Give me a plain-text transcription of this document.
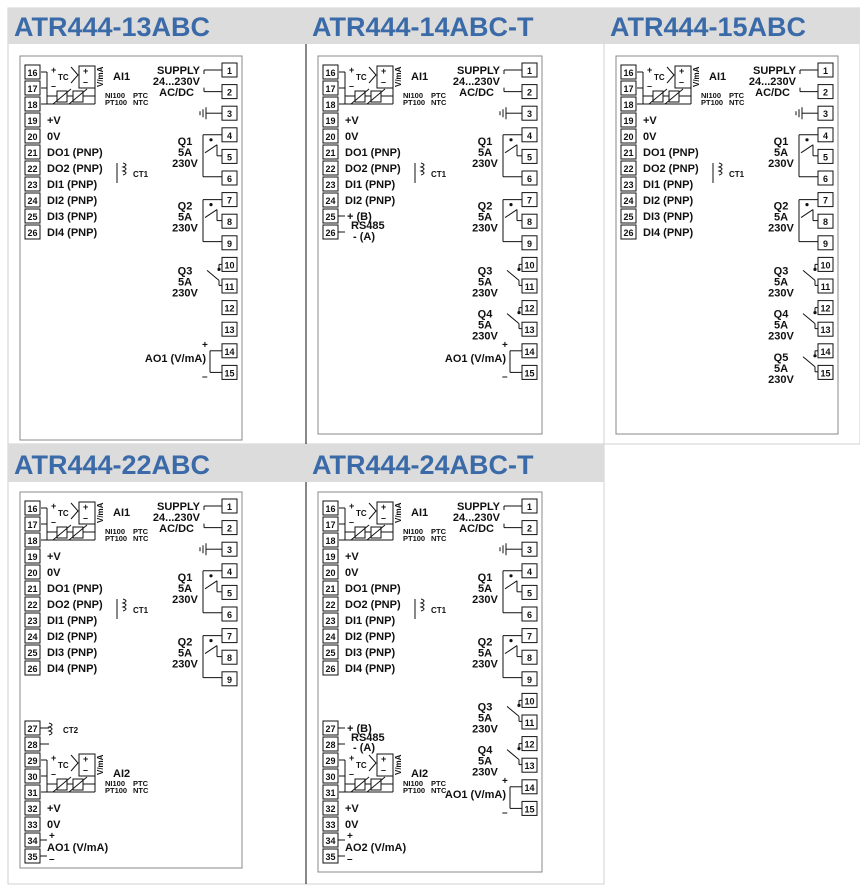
ATR444-13ABC
16
17
18
19
20
21
22
23
24
25
26
+
TC
–
+
– V/mA AI1
NI100
PT100
PTC
NTC
+V
0V
DO1 (PNP)
DO2 (PNP)
DI1 (PNP)
DI2 (PNP)
DI3 (PNP)
DI4 (PNP)
CT1
SUPPLY
24...230V
AC/DC
1
2
3
4
5
6
7
8
9
10
11
12
13
14
15
Q1
5A
230V
Q2
5A
230V
Q3
5A
230V
+
–
AO1 (V/mA)
ATR444-14ABC-T
16
17
18
19
20
21
22
23
24
25
26
+
TC
–
+
– V/mA AI1
NI100
PT100
PTC
NTC
+V
0V
DO1 (PNP)
DO2 (PNP)
DI1 (PNP)
DI2 (PNP)
+ (B)
RS485
- (A)
CT1
SUPPLY
24...230V
AC/DC
1
2
3
4
5
6
7
8
9
10
11
12
13
14
15
Q1
5A
230V
Q2
5A
230V
Q3
5A
230V
Q4
5A
230V
+
–
AO1 (V/mA)
ATR444-15ABC
16
17
18
19
20
21
22
23
24
25
26
+
TC
–
+
– V/mA AI1
NI100
PT100
PTC
NTC
+V
0V
DO1 (PNP)
DO2 (PNP)
DI1 (PNP)
DI2 (PNP)
DI3 (PNP)
DI4 (PNP)
CT1
SUPPLY
24...230V
AC/DC
1
2
3
4
5
6
7
8
9
10
11
12
13
14
15
Q1
5A
230V
Q2
5A
230V
Q3
5A
230V
Q4
5A
230V
Q5
5A
230V
ATR444-22ABC
16
17
18
19
20
21
22
23
24
25
26
+
TC
–
+
– V/mA AI1
NI100
PT100
PTC
NTC
+V
0V
DO1 (PNP)
DO2 (PNP)
DI1 (PNP)
DI2 (PNP)
DI3 (PNP)
DI4 (PNP)
CT1
SUPPLY
24...230V
AC/DC
1
2
3
4
5
6
7
8
9
Q1
5A
230V
Q2
5A
230V
27
28
29
30
31
32
33
34
35
CT2
+
TC
–
+
– V/mA AI2
NI100
PT100
PTC
NTC
+V
0V
+
AO1 (V/mA)
–
ATR444-24ABC-T
16
17
18
19
20
21
22
23
24
25
26
+
TC
–
+
– V/mA AI1
NI100
PT100
PTC
NTC
+V
0V
DO1 (PNP)
DO2 (PNP)
DI1 (PNP)
DI2 (PNP)
DI3 (PNP)
DI4 (PNP)
CT1
SUPPLY
24...230V
AC/DC
1
2
3
4
5
6
7
8
9
10
11
12
13
14
15
Q1
5A
230V
Q2
5A
230V
Q3
5A
230V
Q4
5A
230V
+
–
AO1 (V/mA)
27
28
29
30
31
32
33
34
35
+ (B)
RS485
- (A)
+
TC
–
+
– V/mA AI2
NI100
PT100
PTC
NTC
+V
0V
+
AO2 (V/mA)
–
